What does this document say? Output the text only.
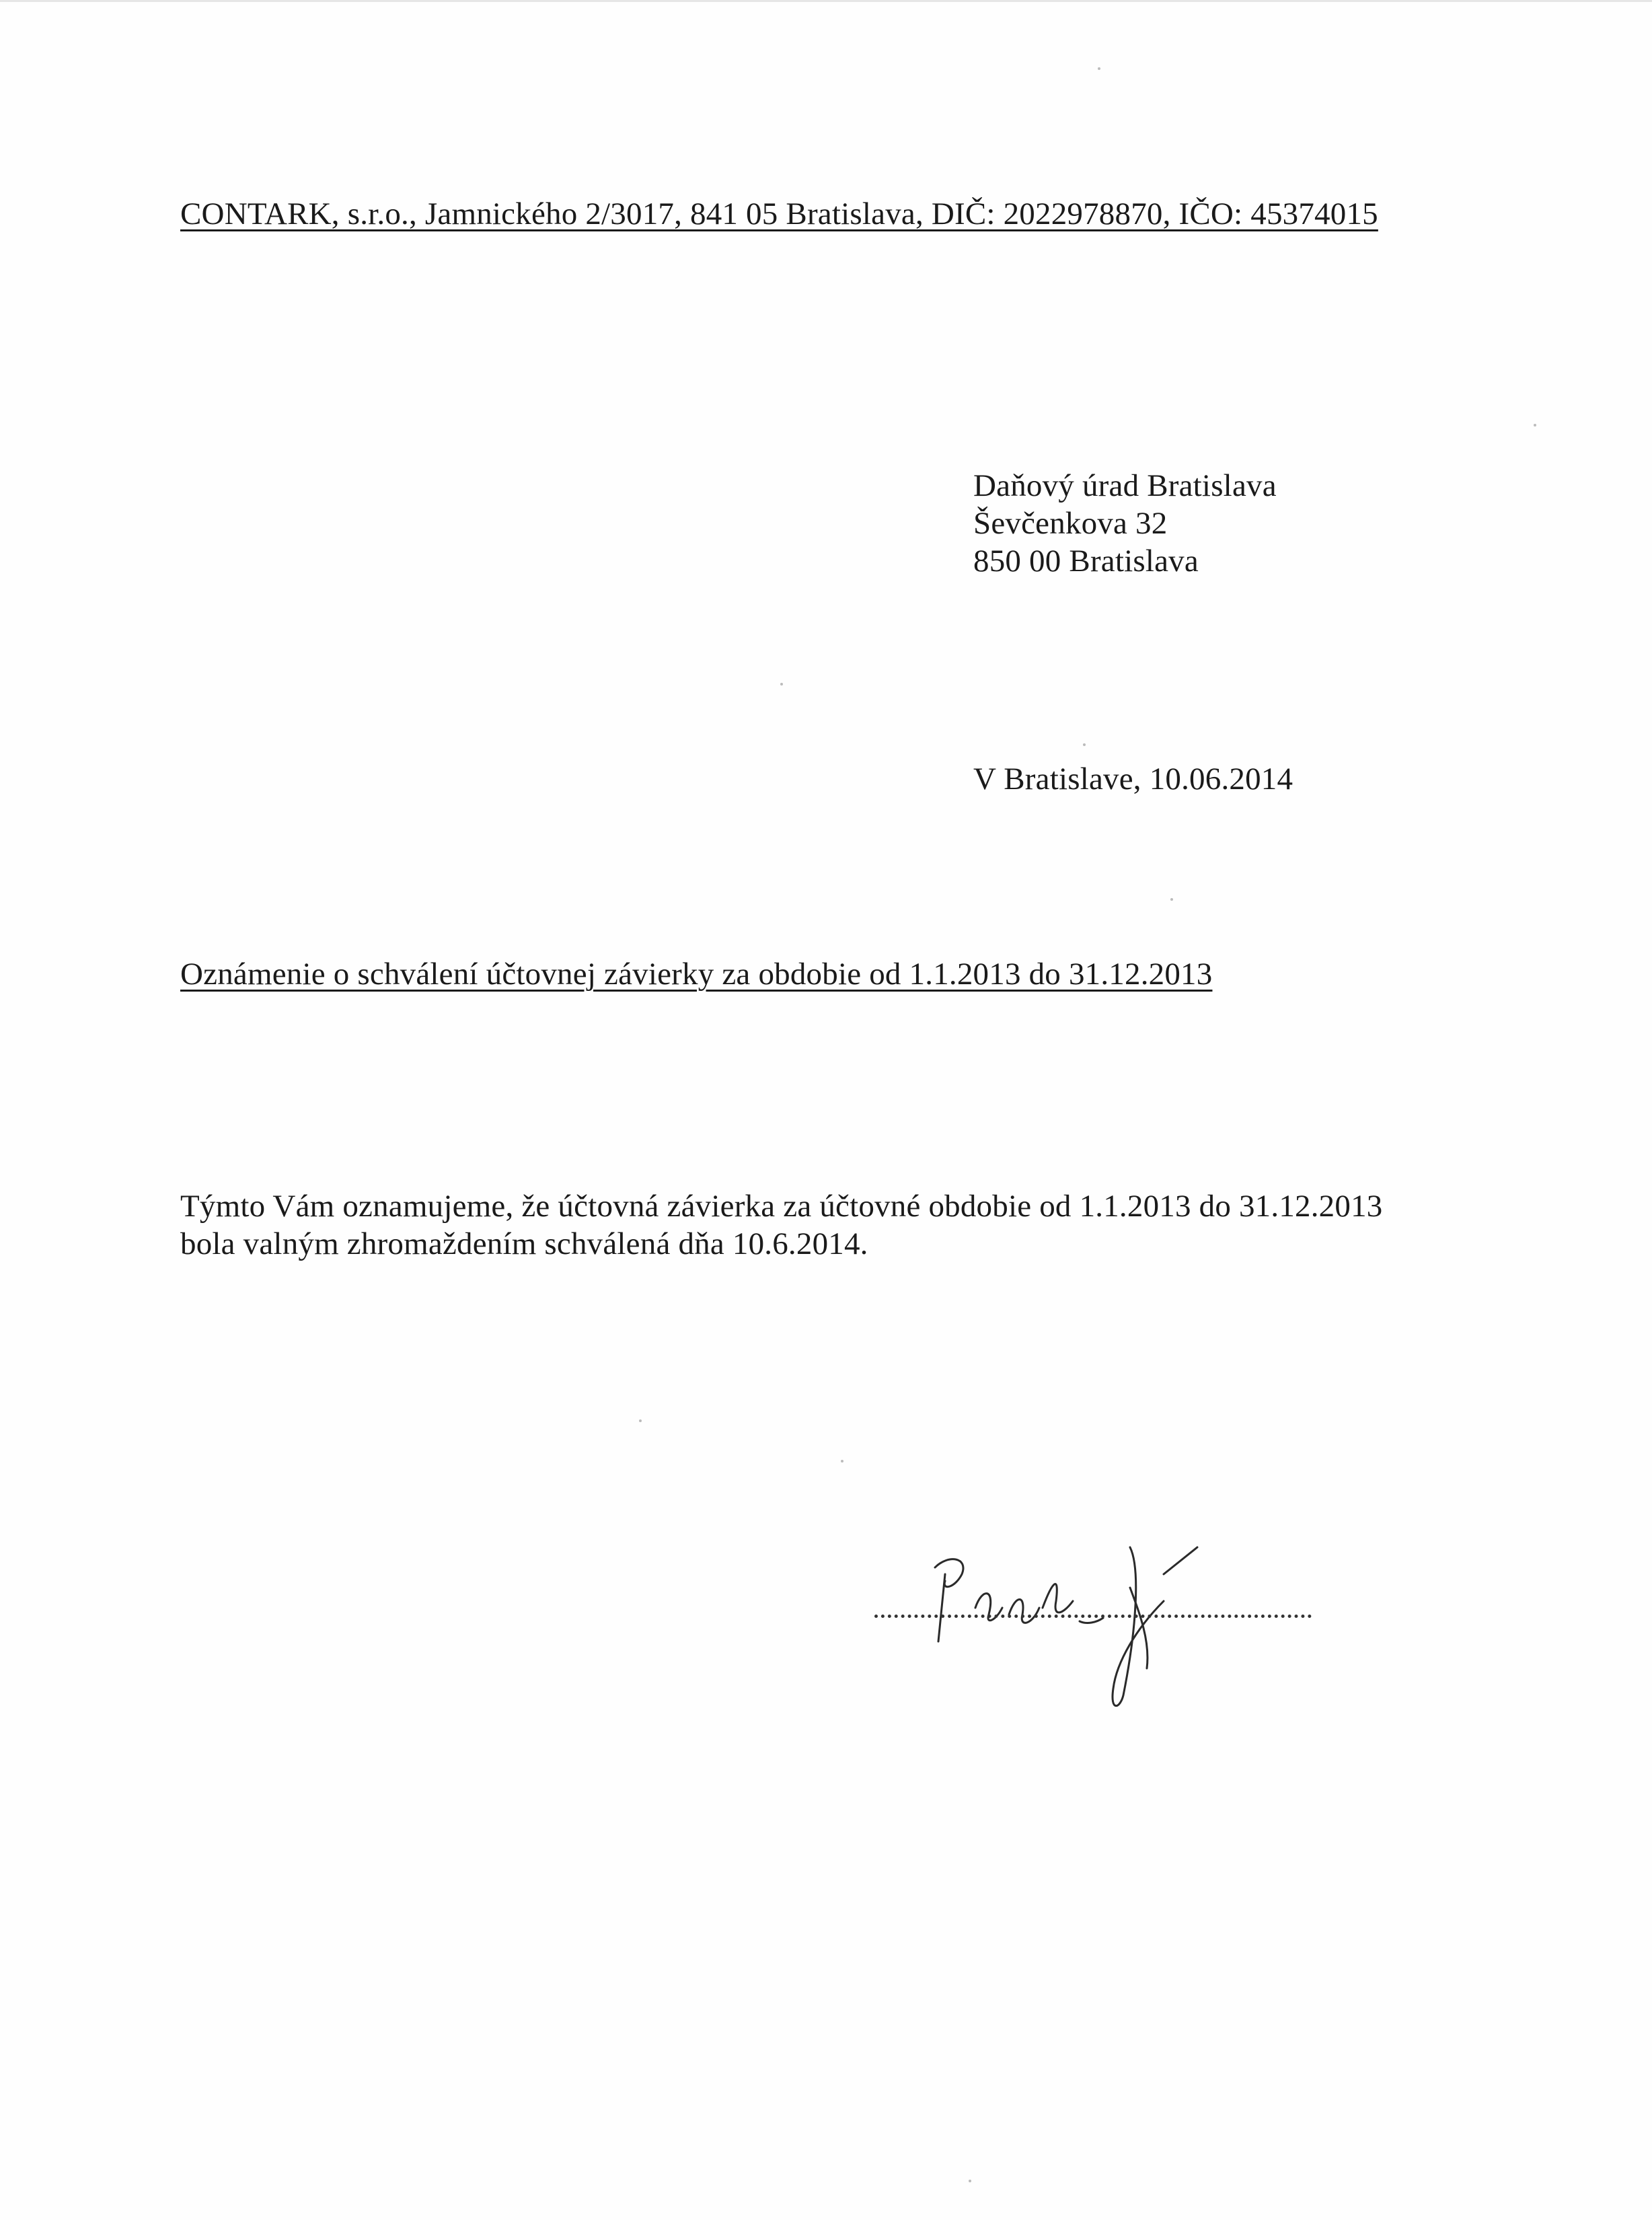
CONTARK, s.r.o., Jamnického 2/3017, 841 05 Bratislava, DIČ: 2022978870, IČO: 45374015
Daňový úrad Bratislava
Ševčenkova 32
850 00 Bratislava
V Bratislave, 10.06.2014
Oznámenie o schválení účtovnej závierky za obdobie od 1.1.2013 do 31.12.2013
Týmto Vám oznamujeme, že účtovná závierka za účtovné obdobie od 1.1.2013 do 31.12.2013
bola valným zhromaždením schválená dňa 10.6.2014.
